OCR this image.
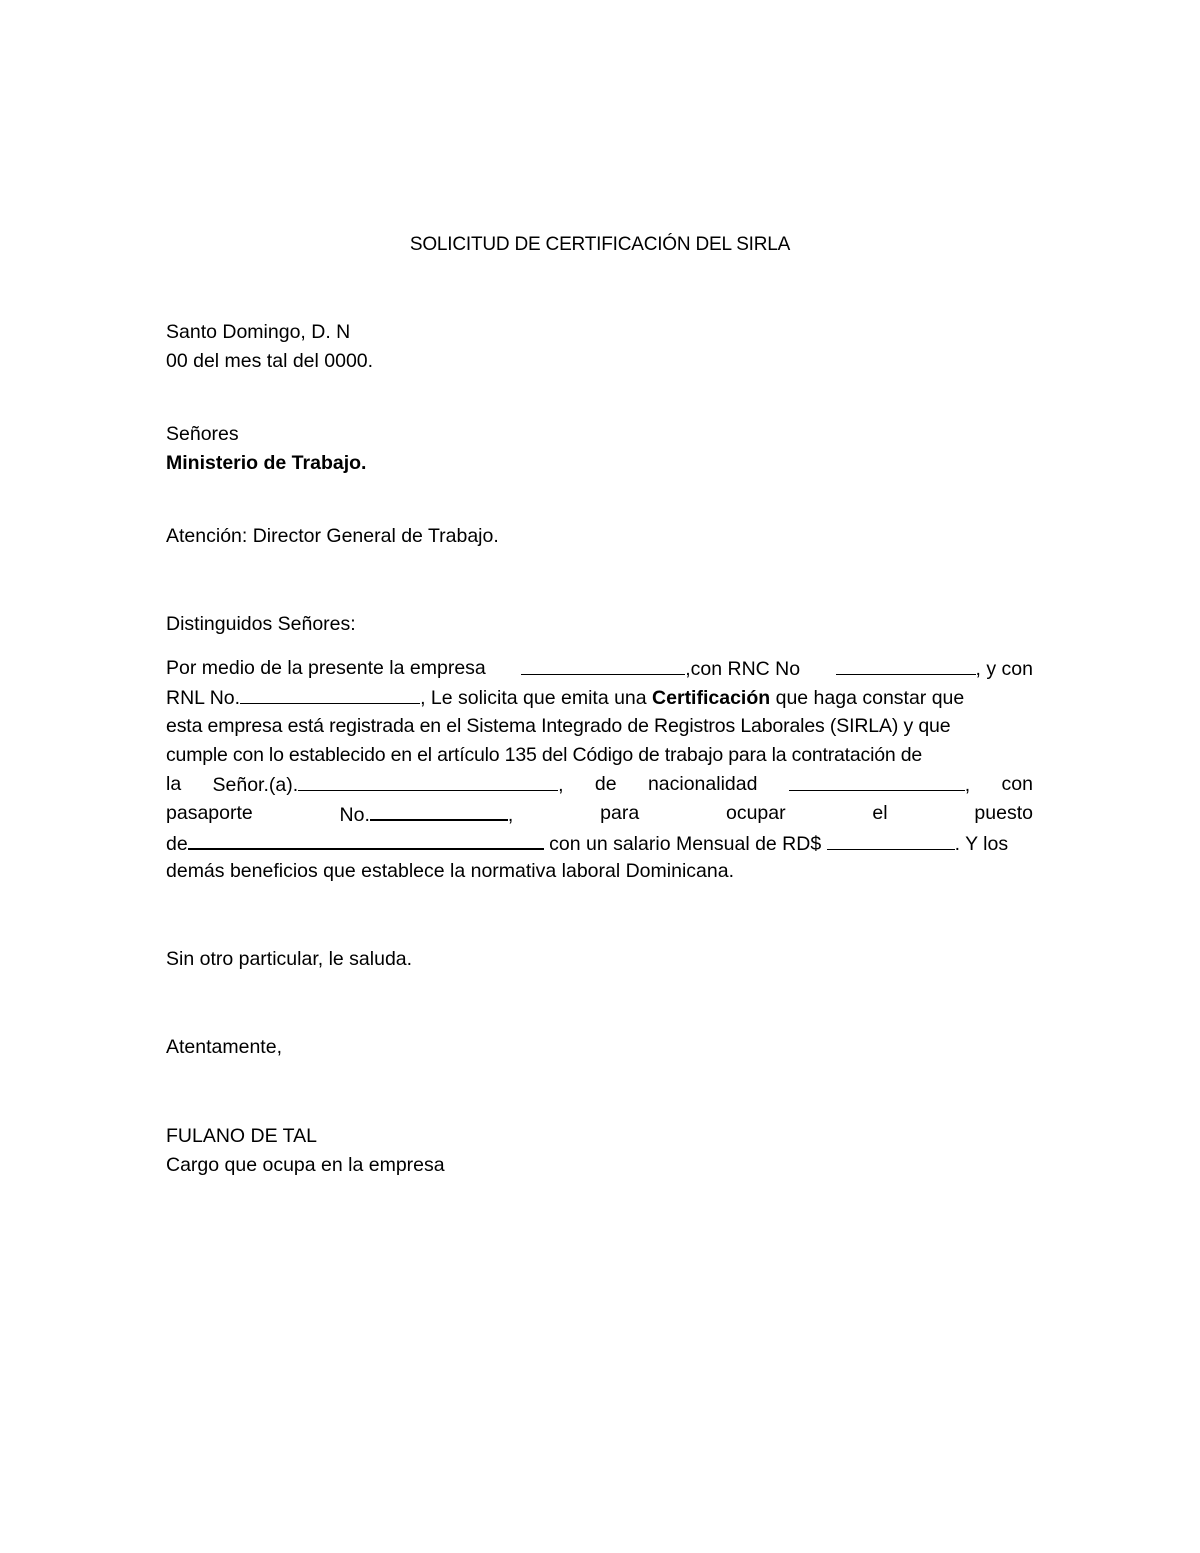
SOLICITUD DE CERTIFICACIÓN DEL SIRLA
Santo Domingo, D. N
00 del mes tal del 0000.
Señores
Ministerio de Trabajo.
Atención: Director General de Trabajo.
Distinguidos Señores:
Por medio de la presente la empresa	,con RNC No	, y con
RNL No.	, Le solicita que emita una Certificación que haga constar que
esta empresa está registrada en el Sistema Integrado de Registros Laborales (SIRLA) y que
cumple con lo establecido en el artículo 135 del Código de trabajo para la contratación de
la Señor.(a).	, de nacionalidad	, con
pasaporte	No.	,	para	ocupar	el	puesto
de	con un salario Mensual de RD$	. Y los
demás beneficios que establece la normativa laboral Dominicana.
Sin otro particular, le saluda.
Atentamente,
FULANO DE TAL
Cargo que ocupa en la empresa
